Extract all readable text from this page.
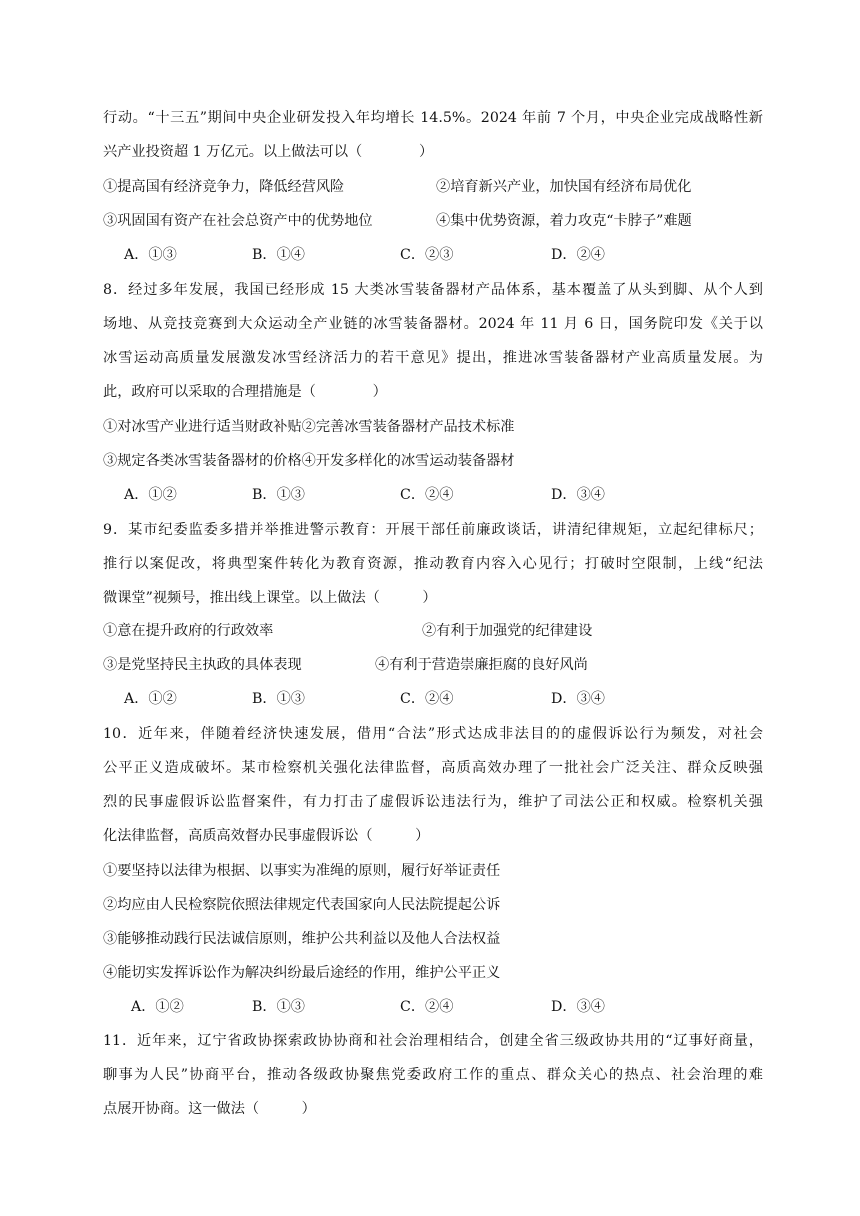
行动。“十三五”期间中央企业研发投入年均增长 14.5%。2024 年前 7 个月，中央企业完成战略性新
兴产业投资超 1 万亿元。以上做法可以（　　　　）
①提高国有经济竞争力，降低经营风险	②培育新兴产业，加快国有经济布局优化
③巩固国有资产在社会总资产中的优势地位	④集中优势资源，着力攻克“卡脖子”难题
A．①③	B．①④	C．②③	D．②④
8．经过多年发展，我国已经形成 15 大类冰雪装备器材产品体系，基本覆盖了从头到脚、从个人到
场地、从竞技竞赛到大众运动全产业链的冰雪装备器材。2024 年 11 月 6 日，国务院印发《关于以
冰雪运动高质量发展激发冰雪经济活力的若干意见》提出，推进冰雪装备器材产业高质量发展。为
此，政府可以采取的合理措施是（　　　　）
①对冰雪产业进行适当财政补贴②完善冰雪装备器材产品技术标准
③规定各类冰雪装备器材的价格④开发多样化的冰雪运动装备器材
A．①②	B．①③	C．②④	D．③④
9．某市纪委监委多措并举推进警示教育：开展干部任前廉政谈话，讲清纪律规矩，立起纪律标尺；
推行以案促改，将典型案件转化为教育资源，推动教育内容入心见行；打破时空限制，上线“纪法
微课堂”视频号，推出线上课堂。以上做法（　　　）
①意在提升政府的行政效率	②有利于加强党的纪律建设
③是党坚持民主执政的具体表现	④有利于营造崇廉拒腐的良好风尚
A．①②	B．①③	C．②④	D．③④
10．近年来，伴随着经济快速发展，借用“合法”形式达成非法目的的虚假诉讼行为频发，对社会
公平正义造成破坏。某市检察机关强化法律监督，高质高效办理了一批社会广泛关注、群众反映强
烈的民事虚假诉讼监督案件，有力打击了虚假诉讼违法行为，维护了司法公正和权威。检察机关强
化法律监督，高质高效督办民事虚假诉讼（　　　）
①要坚持以法律为根据、以事实为准绳的原则，履行好举证责任
②均应由人民检察院依照法律规定代表国家向人民法院提起公诉
③能够推动践行民法诚信原则，维护公共利益以及他人合法权益
④能切实发挥诉讼作为解决纠纷最后途经的作用，维护公平正义
A．①②	B．①③	C．②④	D．③④
11．近年来，辽宁省政协探索政协协商和社会治理相结合，创建全省三级政协共用的“辽事好商量，
聊事为人民”协商平台，推动各级政协聚焦党委政府工作的重点、群众关心的热点、社会治理的难
点展开协商。这一做法（　　　）
